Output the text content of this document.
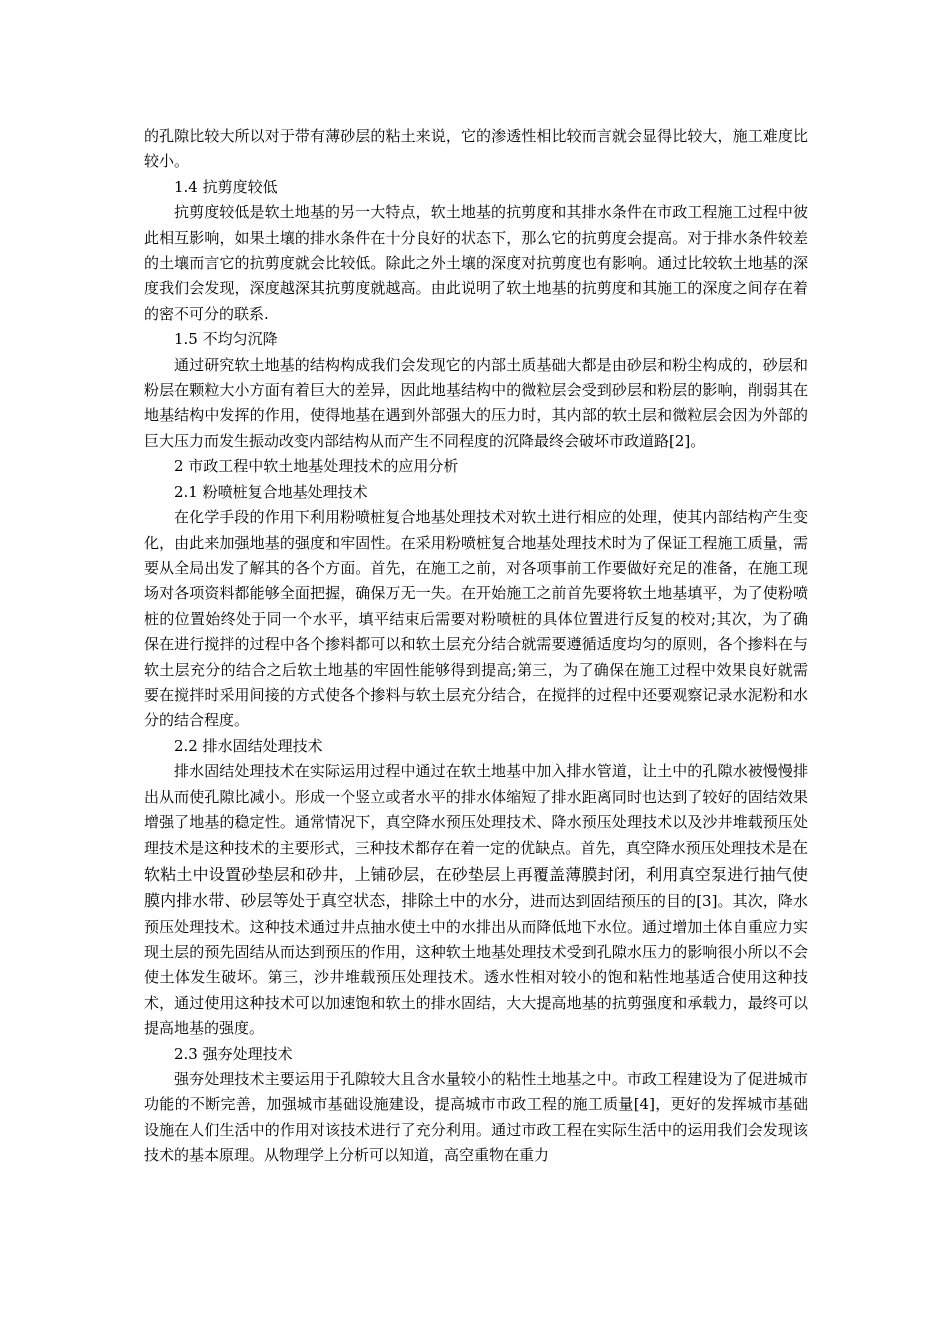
的孔隙比较大所以对于带有薄砂层的粘土来说，它的渗透性相比较而言就会显得比较大，施工难度比较小。

1.4 抗剪度较低

抗剪度较低是软土地基的另一大特点，软土地基的抗剪度和其排水条件在市政工程施工过程中彼此相互影响，如果土壤的排水条件在十分良好的状态下，那么它的抗剪度会提高。对于排水条件较差的土壤而言它的抗剪度就会比较低。除此之外土壤的深度对抗剪度也有影响。通过比较软土地基的深度我们会发现，深度越深其抗剪度就越高。由此说明了软土地基的抗剪度和其施工的深度之间存在着的密不可分的联系.

1.5 不均匀沉降

通过研究软土地基的结构构成我们会发现它的内部土质基础大都是由砂层和粉尘构成的，砂层和粉层在颗粒大小方面有着巨大的差异，因此地基结构中的微粒层会受到砂层和粉层的影响，削弱其在地基结构中发挥的作用，使得地基在遇到外部强大的压力时，其内部的软土层和微粒层会因为外部的巨大压力而发生振动改变内部结构从而产生不同程度的沉降最终会破坏市政道路[2]。

2 市政工程中软土地基处理技术的应用分析

2.1 粉喷桩复合地基处理技术

在化学手段的作用下利用粉喷桩复合地基处理技术对软土进行相应的处理，使其内部结构产生变化，由此来加强地基的强度和牢固性。在采用粉喷桩复合地基处理技术时为了保证工程施工质量，需要从全局出发了解其的各个方面。首先，在施工之前，对各项事前工作要做好充足的准备，在施工现场对各项资料都能够全面把握，确保万无一失。在开始施工之前首先要将软土地基填平，为了使粉喷桩的位置始终处于同一个水平，填平结束后需要对粉喷桩的具体位置进行反复的校对;其次，为了确保在进行搅拌的过程中各个掺料都可以和软土层充分结合就需要遵循适度均匀的原则，各个掺料在与软土层充分的结合之后软土地基的牢固性能够得到提高;第三，为了确保在施工过程中效果良好就需要在搅拌时采用间接的方式使各个掺料与软土层充分结合，在搅拌的过程中还要观察记录水泥粉和水分的结合程度。

2.2 排水固结处理技术

排水固结处理技术在实际运用过程中通过在软土地基中加入排水管道，让土中的孔隙水被慢慢排出从而使孔隙比减小。形成一个竖立或者水平的排水体缩短了排水距离同时也达到了较好的固结效果增强了地基的稳定性。通常情况下，真空降水预压处理技术、降水预压处理技术以及沙井堆载预压处理技术是这种技术的主要形式，三种技术都存在着一定的优缺点。首先，真空降水预压处理技术是在软粘土中设置砂垫层和砂井，上铺砂层，在砂垫层上再覆盖薄膜封闭，利用真空泵进行抽气使膜内排水带、砂层等处于真空状态，排除土中的水分，进而达到固结预压的目的[3]。其次，降水预压处理技术。这种技术通过井点抽水使土中的水排出从而降低地下水位。通过增加土体自重应力实现土层的预先固结从而达到预压的作用，这种软土地基处理技术受到孔隙水压力的影响很小所以不会使土体发生破坏。第三，沙井堆载预压处理技术。透水性相对较小的饱和粘性地基适合使用这种技术，通过使用这种技术可以加速饱和软土的排水固结，大大提高地基的抗剪强度和承载力，最终可以提高地基的强度。

2.3 强夯处理技术

强夯处理技术主要运用于孔隙较大且含水量较小的粘性土地基之中。市政工程建设为了促进城市功能的不断完善，加强城市基础设施建设，提高城市市政工程的施工质量[4]，更好的发挥城市基础设施在人们生活中的作用对该技术进行了充分利用。通过市政工程在实际生活中的运用我们会发现该技术的基本原理。从物理学上分析可以知道，高空重物在重力
